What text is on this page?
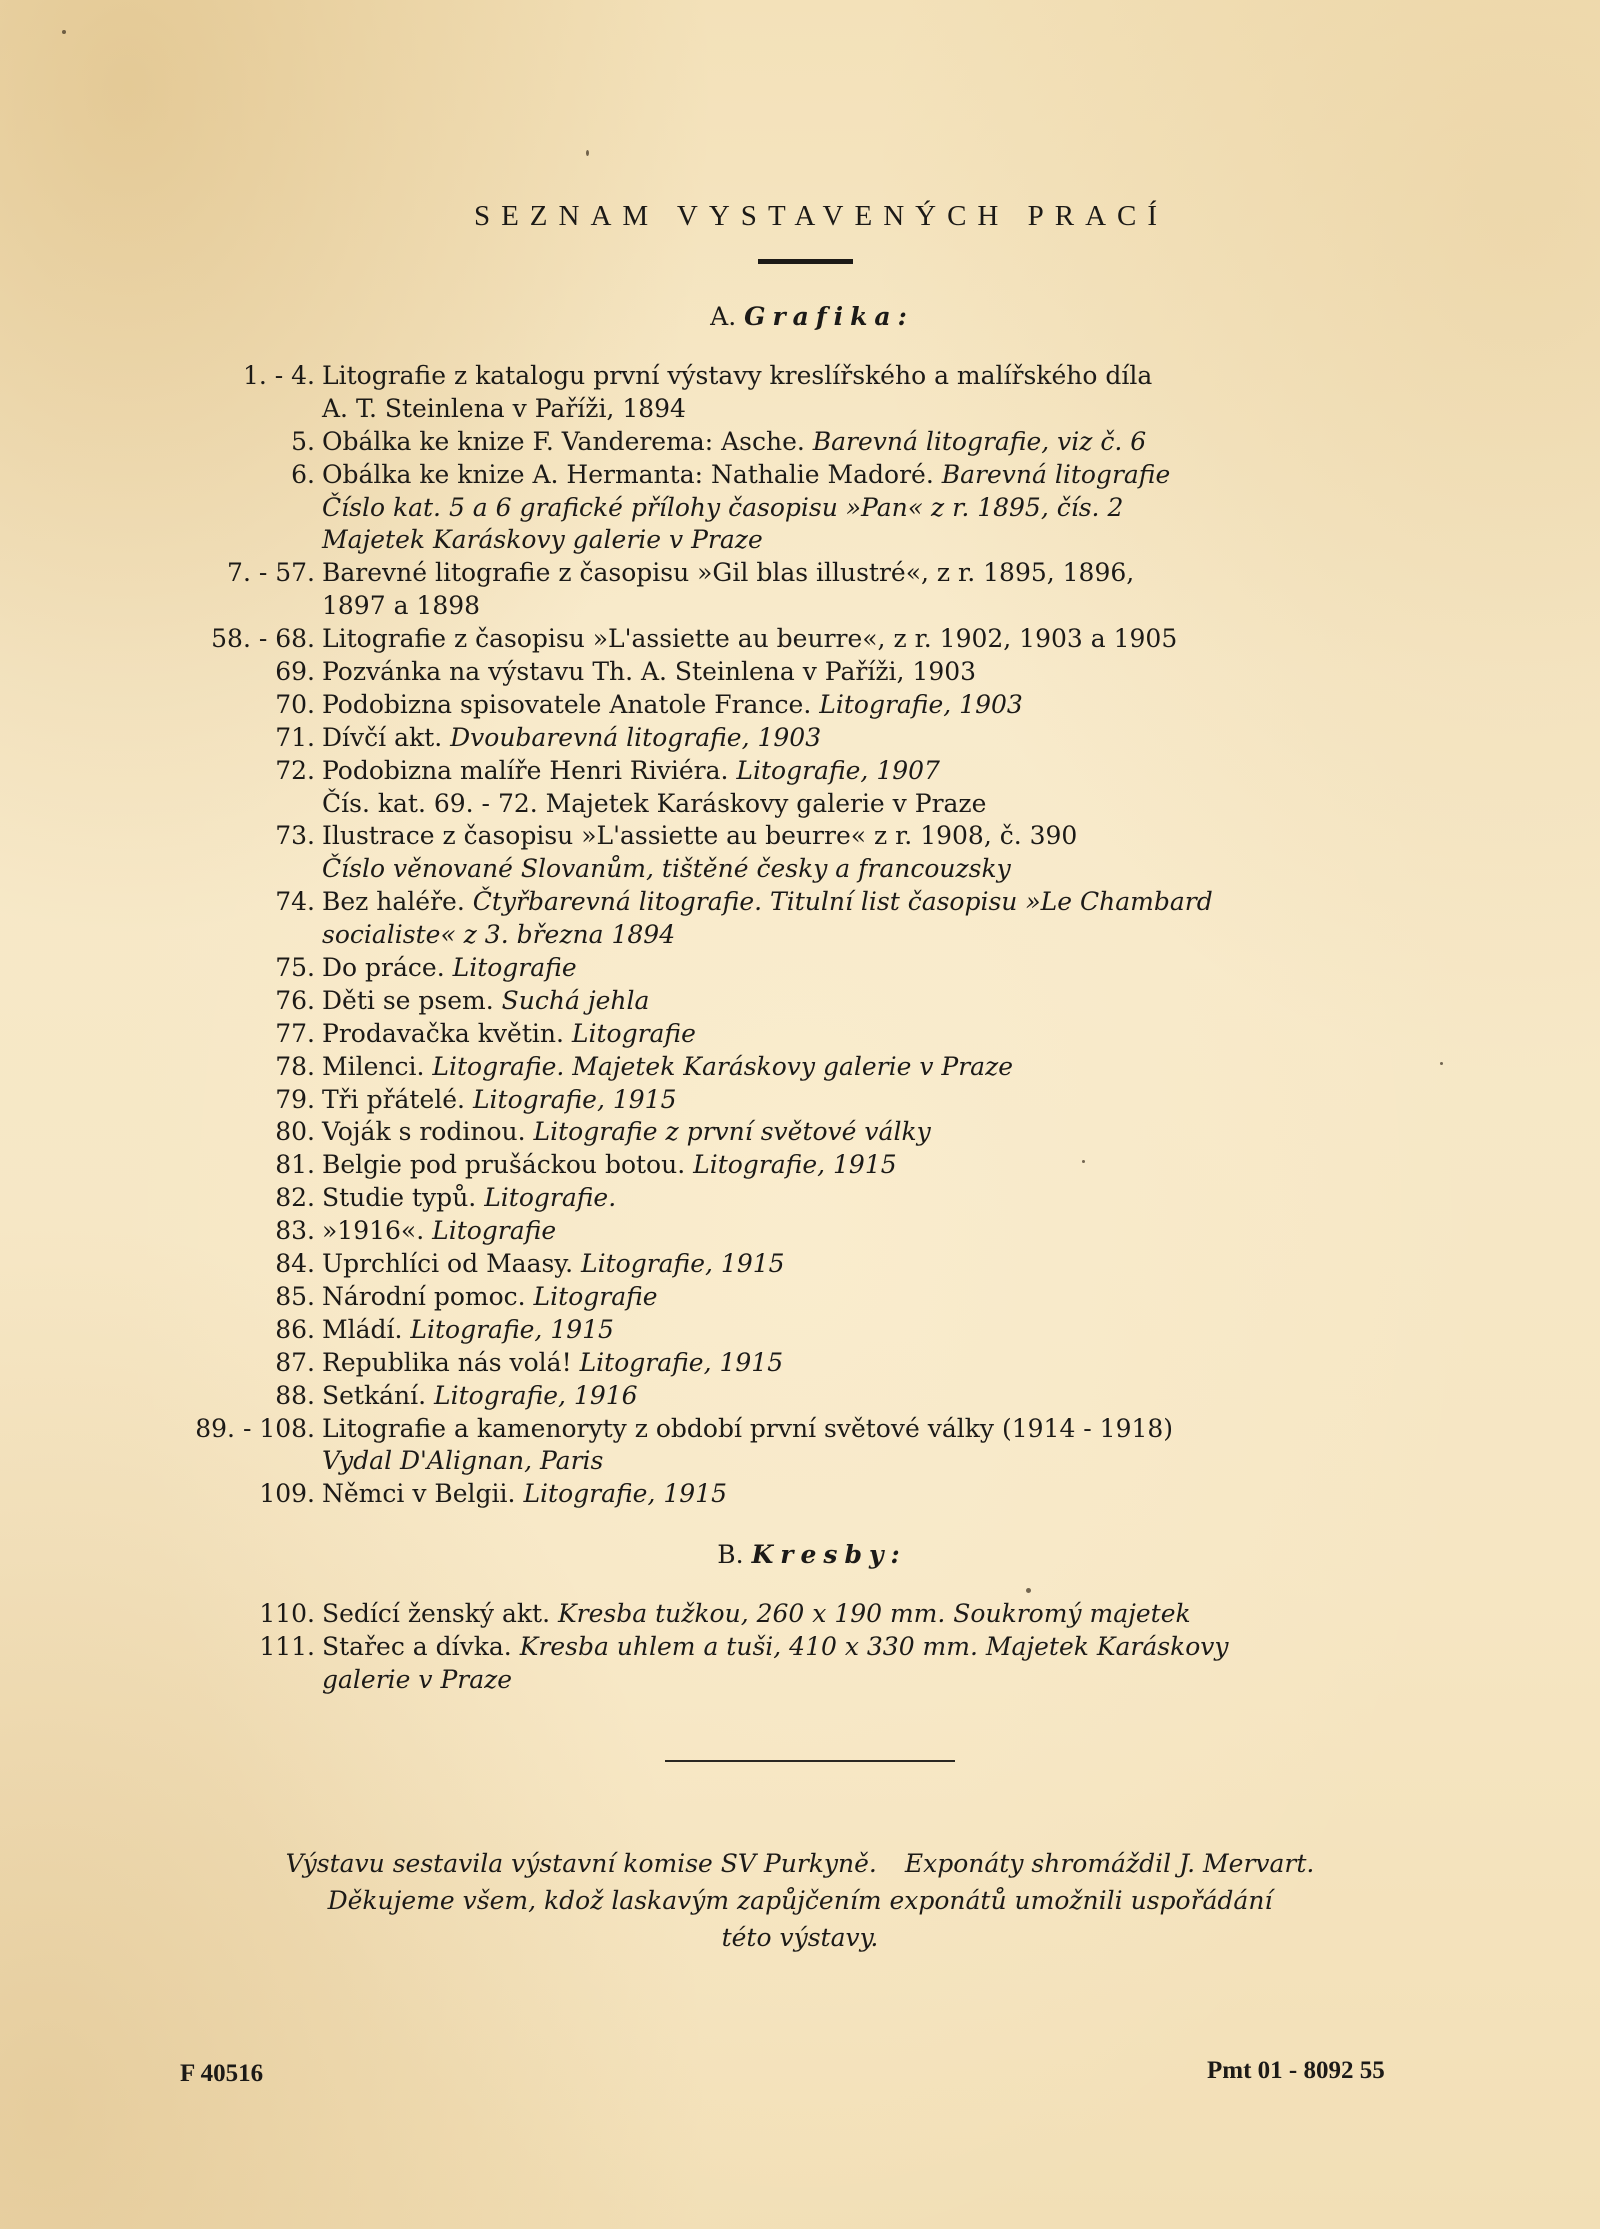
SEZNAM VYSTAVENÝCH PRACÍ
A. Grafika:
1. - 4. Litografie z katalogu první výstavy kreslířského a malířského díla
A. T. Steinlena v Paříži, 1894
5. Obálka ke knize F. Vanderema: Asche. Barevná litografie, viz č. 6
6. Obálka ke knize A. Hermanta: Nathalie Madoré. Barevná litografie
Číslo kat. 5 a 6 grafické přílohy časopisu »Pan« z r. 1895, čís. 2
Majetek Karáskovy galerie v Praze
7. - 57. Barevné litografie z časopisu »Gil blas illustré«, z r. 1895, 1896,
1897 a 1898
58. - 68. Litografie z časopisu »L'assiette au beurre«, z r. 1902, 1903 a 1905
69. Pozvánka na výstavu Th. A. Steinlena v Paříži, 1903
70. Podobizna spisovatele Anatole France. Litografie, 1903
71. Dívčí akt. Dvoubarevná litografie, 1903
72. Podobizna malíře Henri Riviéra. Litografie, 1907
Čís. kat. 69. - 72. Majetek Karáskovy galerie v Praze
73. Ilustrace z časopisu »L'assiette au beurre« z r. 1908, č. 390
Číslo věnované Slovanům, tištěné česky a francouzsky
74. Bez haléře. Čtyřbarevná litografie. Titulní list časopisu »Le Chambard
socialiste« z 3. března 1894
75. Do práce. Litografie
76. Děti se psem. Suchá jehla
77. Prodavačka květin. Litografie
78. Milenci. Litografie. Majetek Karáskovy galerie v Praze
79. Tři přátelé. Litografie, 1915
80. Voják s rodinou. Litografie z první světové války
81. Belgie pod prušáckou botou. Litografie, 1915
82. Studie typů. Litografie.
83. »1916«. Litografie
84. Uprchlíci od Maasy. Litografie, 1915
85. Národní pomoc. Litografie
86. Mládí. Litografie, 1915
87. Republika nás volá! Litografie, 1915
88. Setkání. Litografie, 1916
89. - 108. Litografie a kamenoryty z období první světové války (1914 - 1918)
Vydal D'Alignan, Paris
109. Němci v Belgii. Litografie, 1915
B. Kresby:
110. Sedící ženský akt. Kresba tužkou, 260 x 190 mm. Soukromý majetek
111. Stařec a dívka. Kresba uhlem a tuši, 410 x 330 mm. Majetek Karáskovy
galerie v Praze
Výstavu sestavila výstavní komise SV Purkyně. Exponáty shromáždil J. Mervart.
Děkujeme všem, kdož laskavým zapůjčením exponátů umožnili uspořádání
této výstavy.
F 40516	Pmt 01 - 8092 55
